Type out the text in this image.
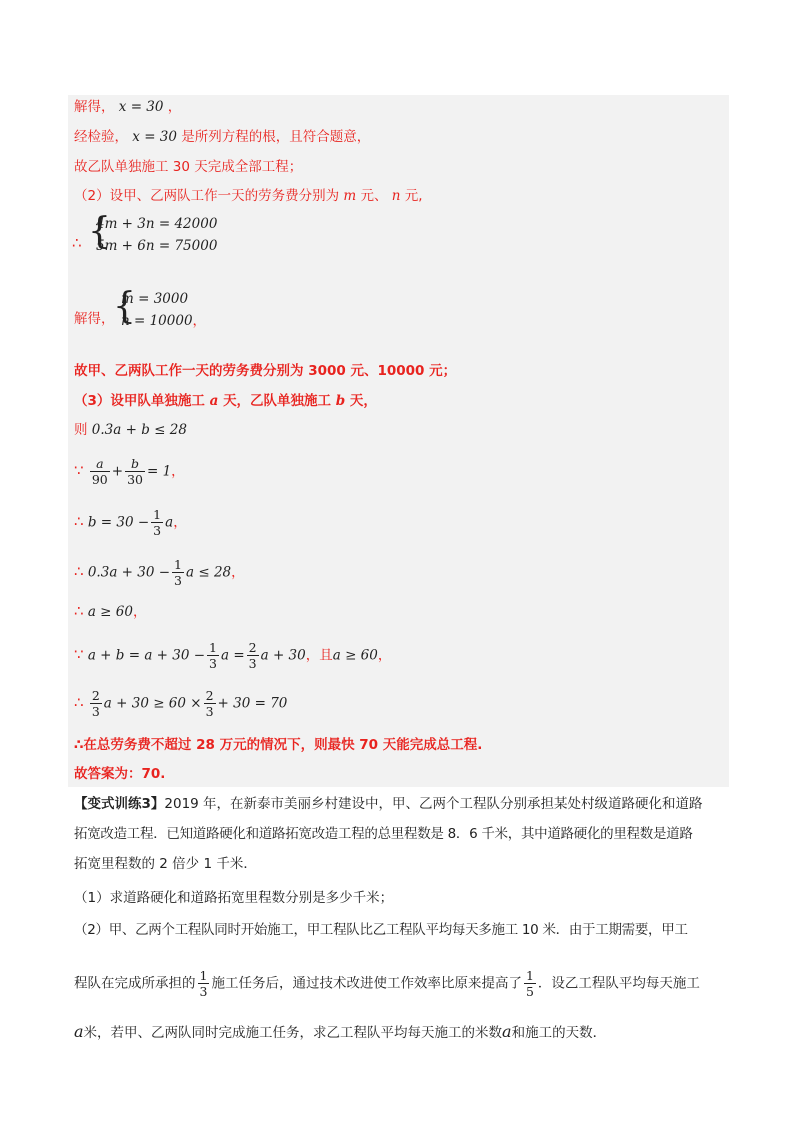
解得， x = 30 ，
经检验， x = 30 是所列方程的根，且符合题意，
故乙队单独施工 30 天完成全部工程；
（2）设甲、乙两队工作一天的劳务费分别为 m 元、 n 元,
∴ {
4m + 3n = 42000
5m + 6n = 75000
解得，
{
m = 3000
n = 10000，
故甲、乙两队工作一天的劳务费分别为 3000 元、10000 元；
（3）设甲队单独施工 a 天，乙队单独施工 b 天，
则 0.3a + b ≤ 28
∵ $\frac{a}{90} + \frac{b}{30} = 1$，
∴ $b = 30 - \frac{1}{3}$ a，
∴ $0.3a + 30 - \frac{1}{3}$ a ≤ 28，
∴ a ≥ 60，
∵ $a + b = a + 30 - \frac{1}{3}$ $a = \frac{2}{3}$ a + 30，且a ≥ 60，
∴ $\frac{2}{3}$ $a + 30 \ge 60 \times \frac{2}{3} + 30 = 70$
∴在总劳务费不超过 28 万元的情况下，则最快 70 天能完成总工程.
故答案为：70.
【变式训练3】2019 年，在新泰市美丽乡村建设中，甲、乙两个工程队分别承担某处村级道路硬化和道路
拓宽改造工程．已知道路硬化和道路拓宽改造工程的总里程数是 8．6 千米，其中道路硬化的里程数是道路
拓宽里程数的 2 倍少 1 千米．
（1）求道路硬化和道路拓宽里程数分别是多少千米；
（2）甲、乙两个工程队同时开始施工，甲工程队比乙工程队平均每天多施工 10 米．由于工期需要，甲工
程队在完成所承担的 $\frac{1}{3}$ 施工任务后，通过技术改进使工作效率比原来提高了 $\frac{1}{5}$ ．设乙工程队平均每天施工
a米，若甲、乙两队同时完成施工任务，求乙工程队平均每天施工的米数a和施工的天数．
